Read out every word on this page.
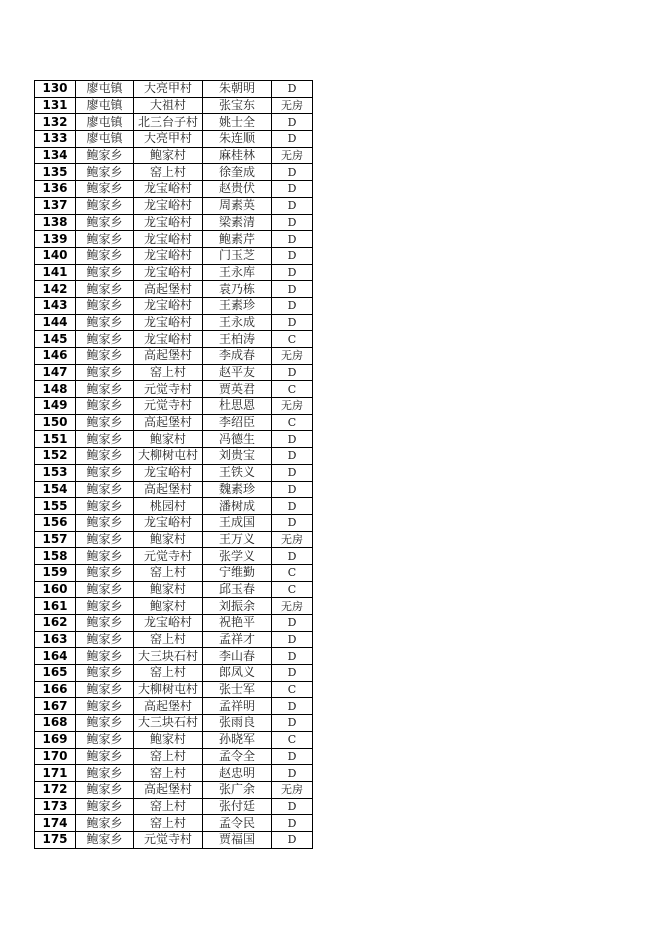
130	廖屯镇	大亮甲村	朱朝明	D
131	廖屯镇	大祖村	张宝东	无房
132	廖屯镇	北三台子村	姚士全	D
133	廖屯镇	大亮甲村	朱连顺	D
134	鲍家乡	鲍家村	麻桂林	无房
135	鲍家乡	窑上村	徐奎成	D
136	鲍家乡	龙宝峪村	赵贵伏	D
137	鲍家乡	龙宝峪村	周素英	D
138	鲍家乡	龙宝峪村	梁素清	D
139	鲍家乡	龙宝峪村	鲍素芹	D
140	鲍家乡	龙宝峪村	门玉芝	D
141	鲍家乡	龙宝峪村	王永库	D
142	鲍家乡	高起堡村	袁乃栋	D
143	鲍家乡	龙宝峪村	王素珍	D
144	鲍家乡	龙宝峪村	王永成	D
145	鲍家乡	龙宝峪村	王柏涛	C
146	鲍家乡	高起堡村	李成春	无房
147	鲍家乡	窑上村	赵平友	D
148	鲍家乡	元觉寺村	贾英君	C
149	鲍家乡	元觉寺村	杜思恩	无房
150	鲍家乡	高起堡村	李绍臣	C
151	鲍家乡	鲍家村	冯德生	D
152	鲍家乡	大柳树屯村	刘贵宝	D
153	鲍家乡	龙宝峪村	王铁义	D
154	鲍家乡	高起堡村	魏素珍	D
155	鲍家乡	桃园村	潘树成	D
156	鲍家乡	龙宝峪村	王成国	D
157	鲍家乡	鲍家村	王万义	无房
158	鲍家乡	元觉寺村	张学义	D
159	鲍家乡	窑上村	宁维勤	C
160	鲍家乡	鲍家村	邱玉春	C
161	鲍家乡	鲍家村	刘振余	无房
162	鲍家乡	龙宝峪村	祝艳平	D
163	鲍家乡	窑上村	孟祥才	D
164	鲍家乡	大三块石村	李山春	D
165	鲍家乡	窑上村	郎凤义	D
166	鲍家乡	大柳树屯村	张士军	C
167	鲍家乡	高起堡村	孟祥明	D
168	鲍家乡	大三块石村	张雨良	D
169	鲍家乡	鲍家村	孙晓军	C
170	鲍家乡	窑上村	孟令全	D
171	鲍家乡	窑上村	赵忠明	D
172	鲍家乡	高起堡村	张广余	无房
173	鲍家乡	窑上村	张付廷	D
174	鲍家乡	窑上村	孟令民	D
175	鲍家乡	元觉寺村	贾福国	D
